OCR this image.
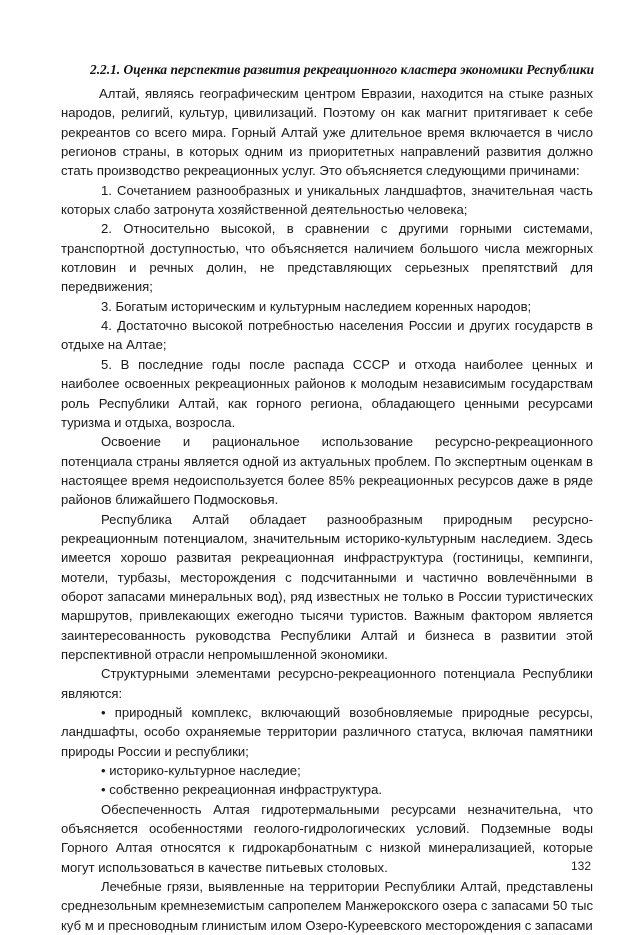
2.2.1. Оценка перспектив развития рекреационного кластера экономики Республики

Алтай, являясь географическим центром Евразии, находится на стыке разных народов, религий, культур, цивилизаций. Поэтому он как магнит притягивает к себе рекреантов со всего мира. Горный Алтай уже длительное время включается в число регионов страны, в которых одним из приоритетных направлений развития должно стать производство рекреационных услуг. Это объясняется следующими причинами:

1. Сочетанием разнообразных и уникальных ландшафтов, значительная часть которых слабо затронута хозяйственной деятельностью человека;

2. Относительно высокой, в сравнении с другими горными системами, транспортной доступностью, что объясняется наличием большого числа межгорных котловин и речных долин, не представляющих серьезных препятствий для передвижения;

3. Богатым историческим и культурным наследием коренных народов;

4. Достаточно высокой потребностью населения России и других государств в отдыхе на Алтае;

5. В последние годы после распада СССР и отхода наиболее ценных и наиболее освоенных рекреационных районов к молодым независимым государствам роль Республики Алтай, как горного региона, обладающего ценными ресурсами туризма и отдыха, возросла.

Освоение и рациональное использование ресурсно-рекреационного потенциала страны является одной из актуальных проблем. По экспертным оценкам в настоящее время недоиспользуется более 85% рекреационных ресурсов даже в ряде районов ближайшего Подмосковья.

Республика Алтай обладает разнообразным природным ресурсно-рекреационным потенциалом, значительным историко-культурным наследием. Здесь имеется хорошо развитая рекреационная инфраструктура (гостиницы, кемпинги, мотели, турбазы, месторождения с подсчитанными и частично вовлечёнными в оборот запасами минеральных вод), ряд известных не только в России туристических маршрутов, привлекающих ежегодно тысячи туристов. Важным фактором является заинтересованность руководства Республики Алтай и бизнеса в развитии этой перспективной отрасли непромышленной экономики.

Структурными элементами ресурсно-рекреационного потенциала Республики являются:

• природный комплекс, включающий возобновляемые природные ресурсы, ландшафты, особо охраняемые территории различного статуса, включая памятники природы России и республики;

• историко-культурное наследие;

• собственно рекреационная инфраструктура.

Обеспеченность Алтая гидротермальными ресурсами незначительна, что объясняется особенностями геолого-гидрологических условий. Подземные воды Горного Алтая относятся к гидрокарбонатным с низкой минерализацией, которые могут использоваться в качестве питьевых столовых.

Лечебные грязи, выявленные на территории Республики Алтай, представлены среднезольным кремнеземистым сапропелем Манжерокского озера с запасами 50 тыс куб м и пресноводным глинистым илом Озеро-Куреевского месторождения с запасами

132
